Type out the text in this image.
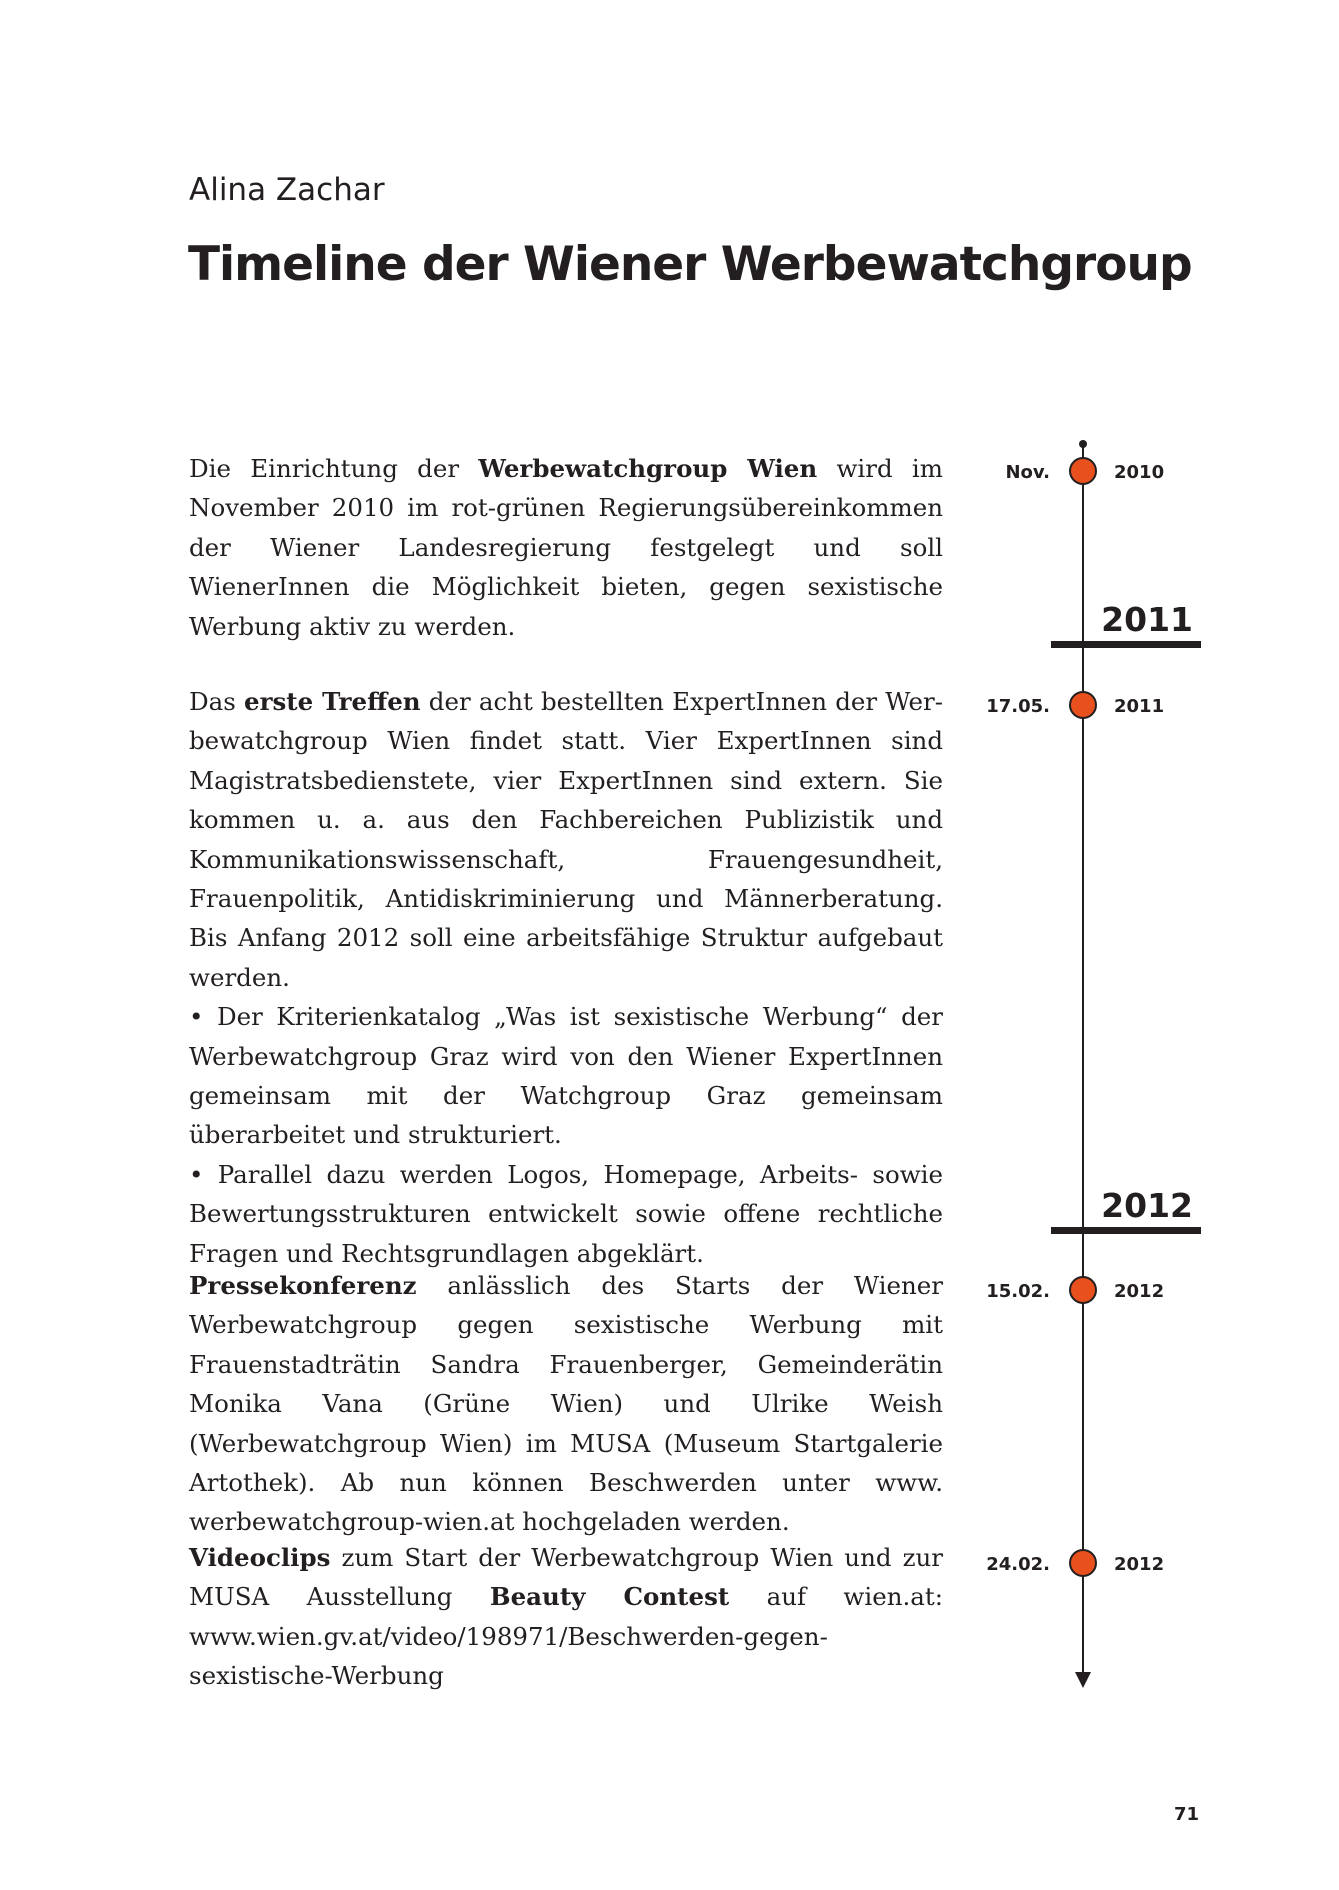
Alina Zachar
Timeline der Wiener Werbewatchgroup

Die Einrichtung der Werbewatchgroup Wien wird im November 2010 im rot-grünen Regierungsübereinkommen der Wiener Landesregierung festgelegt und soll WienerInnen die Möglichkeit bieten, gegen sexistische Werbung aktiv zu werden.

Das erste Treffen der acht bestellten ExpertInnen der Werbewatchgroup Wien findet statt. Vier ExpertInnen sind Magistratsbedienstete, vier ExpertInnen sind extern. Sie kommen u. a. aus den Fachbereichen Publizistik und Kommunikationswissenschaft, Frauengesundheit, Frauenpolitik, Antidiskriminierung und Männerberatung. Bis Anfang 2012 soll eine arbeitsfähige Struktur aufgebaut werden.

• Der Kriterienkatalog „Was ist sexistische Werbung“ der Werbewatchgroup Graz wird von den Wiener ExpertInnen gemeinsam mit der Watchgroup Graz gemeinsam überarbeitet und strukturiert.

• Parallel dazu werden Logos, Homepage, Arbeits- sowie Bewertungsstrukturen entwickelt sowie offene rechtliche Fragen und Rechtsgrundlagen abgeklärt.

Pressekonferenz anlässlich des Starts der Wiener Werbewatchgroup gegen sexistische Werbung mit Frauenstadträtin Sandra Frauenberger, Gemeinderätin Monika Vana (Grüne Wien) und Ulrike Weish (Werbewatchgroup Wien) im MUSA (Museum Startgalerie Artothek). Ab nun können Beschwerden unter www.​werbewatchgroup-wien.at hochgeladen werden.

Videoclips zum Start der Werbewatchgroup Wien und zur MUSA Ausstellung Beauty Contest auf wien.at: www.wien.gv.at/​video/198971/Beschwerden-gegen-sexistische-Werbung

Nov.	2010
2011
17.05.	2011
2012
15.02.	2012
24.02.	2012
71
